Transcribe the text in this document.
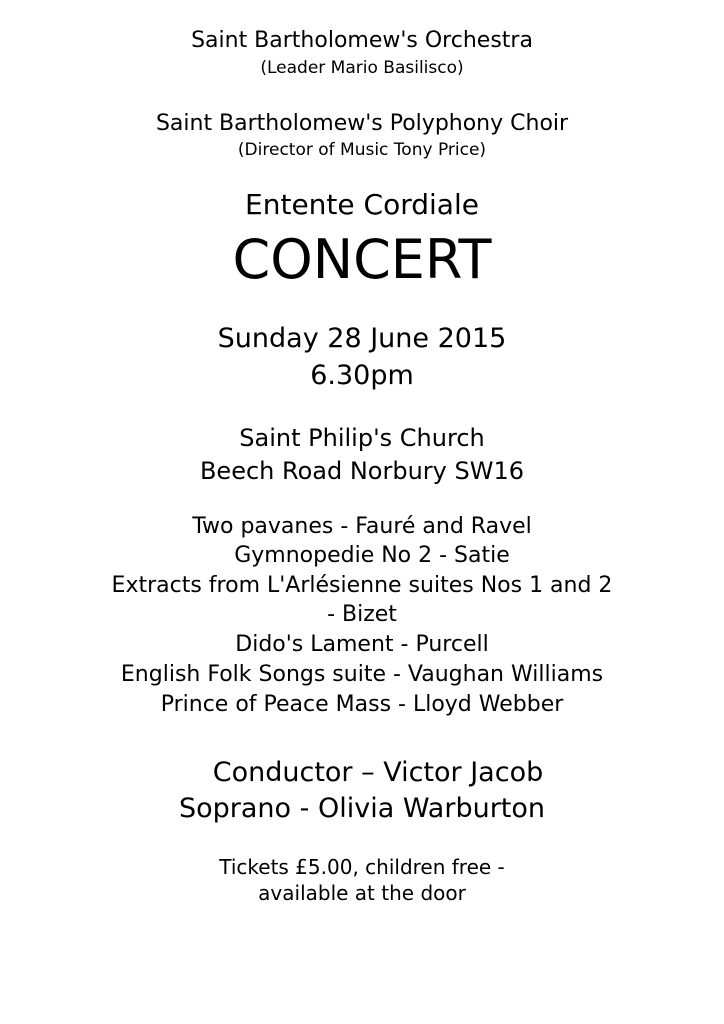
Saint Bartholomew's Orchestra
(Leader Mario Basilisco)
Saint Bartholomew's Polyphony Choir
(Director of Music Tony Price)
Entente Cordiale
CONCERT
Sunday 28 June 2015
6.30pm
Saint Philip's Church
Beech Road Norbury SW16
Two pavanes - Fauré and Ravel
Gymnopedie No 2 - Satie
Extracts from L'Arlésienne suites Nos 1 and 2
- Bizet
Dido's Lament - Purcell
English Folk Songs suite - Vaughan Williams
Prince of Peace Mass - Lloyd Webber
Conductor – Victor Jacob
Soprano - Olivia Warburton
Tickets £5.00, children free -
available at the door
